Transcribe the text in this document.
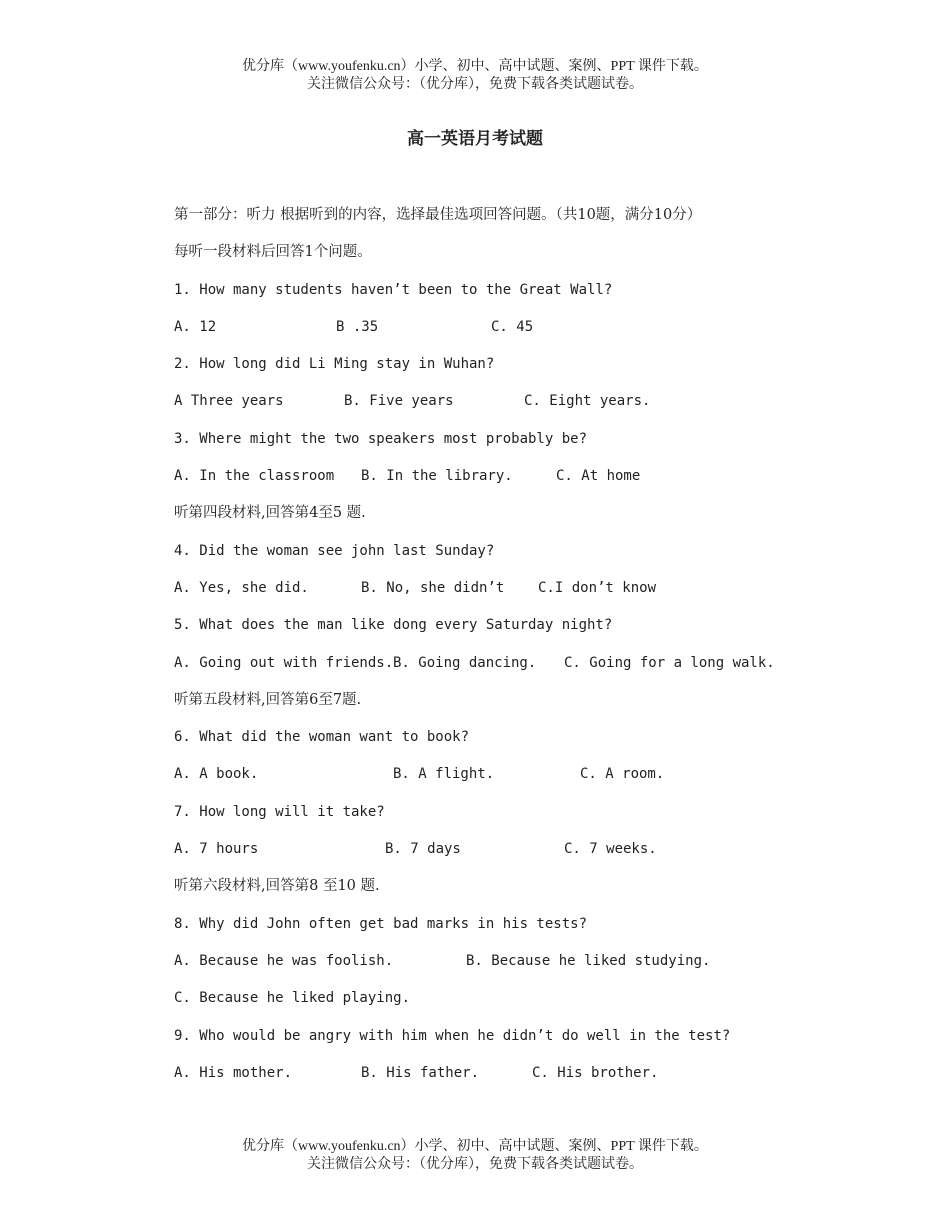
优分库（www.youfenku.cn）小学、初中、高中试题、案例、PPT 课件下载。
关注微信公众号：（优分库），免费下载各类试题试卷。
高一英语月考试题
第一部分：听力 根据听到的内容，选择最佳选项回答问题。（共10题，满分10分）
每听一段材料后回答1个问题。
1. How many students haven’t been to the Great Wall?
A. 12	B .35	C. 45
2. How long did Li Ming stay in Wuhan?
A Three years	B. Five years	C. Eight years.
3. Where might the two speakers most probably be?
A. In the classroom	B. In the library.	C. At home
听第四段材料,回答第4至5 题.
4. Did the woman see john last Sunday?
A. Yes, she did.	B. No, she didn’t	C.I don’t know
5. What does the man like dong every Saturday night?
A. Going out with friends. B. Going dancing.	C. Going for a long walk.
听第五段材料,回答第6至7题.
6. What did the woman want to book?
A. A book.	B. A flight.	C. A room.
7. How long will it take?
A. 7 hours	B. 7 days	C. 7 weeks.
听第六段材料,回答第8 至10 题.
8. Why did John often get bad marks in his tests?
A. Because he was foolish.	B. Because he liked studying.
C. Because he liked playing.
9. Who would be angry with him when he didn’t do well in the test?
A. His mother.	B. His father.	C. His brother.
优分库（www.youfenku.cn）小学、初中、高中试题、案例、PPT 课件下载。
关注微信公众号：（优分库），免费下载各类试题试卷。
